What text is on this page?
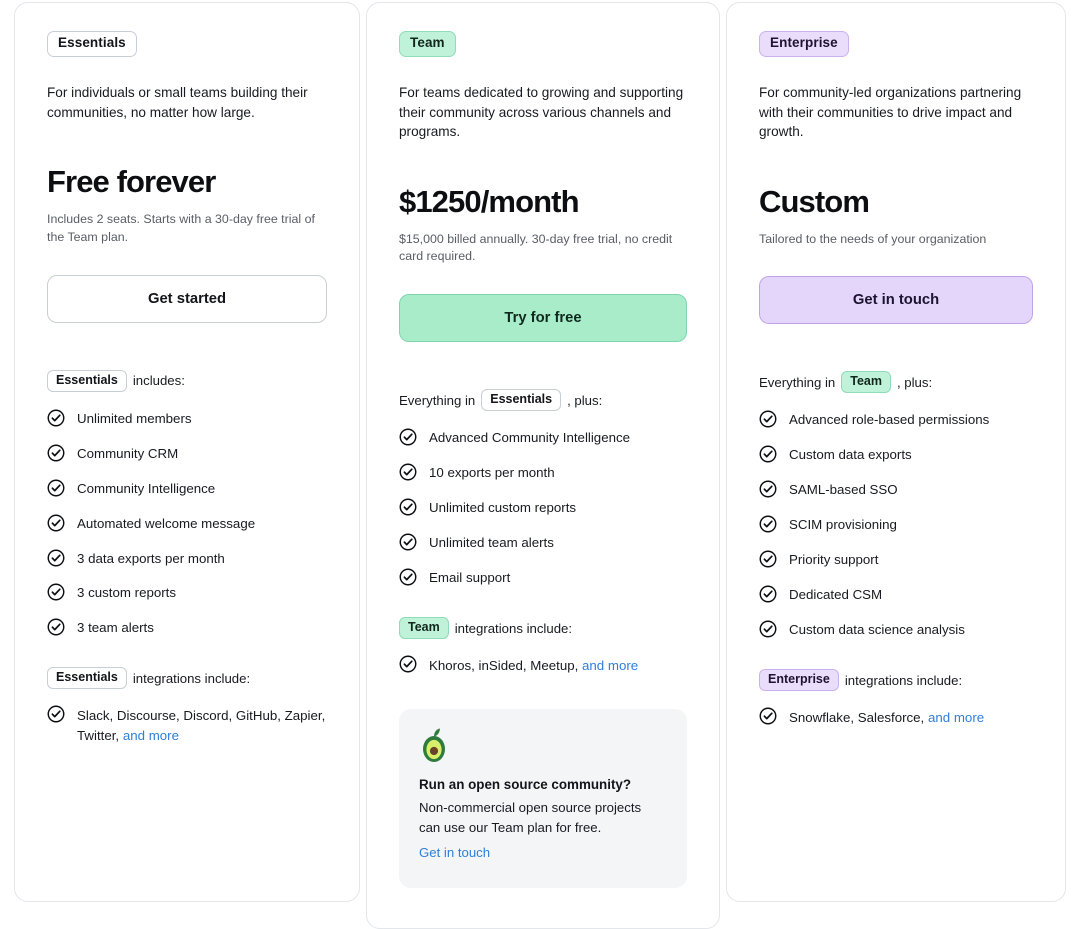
Essentials
For individuals or small teams building their communities, no matter how large.
Free forever
Includes 2 seats. Starts with a 30-day free trial of the Team plan.
Get started
Essentials	includes:
Unlimited members
Community CRM
Community Intelligence
Automated welcome message
3 data exports per month
3 custom reports
3 team alerts
Essentials	integrations include:
Slack, Discourse, Discord, GitHub, Zapier, Twitter, and more
Team
For teams dedicated to growing and supporting their community across various channels and programs.
$1250/month
$15,000 billed annually. 30-day free trial, no credit card required.
Try for free
Everything in	Essentials	, plus:
Advanced Community Intelligence
10 exports per month
Unlimited custom reports
Unlimited team alerts
Email support
Team	integrations include:
Khoros, inSided, Meetup, and more
Run an open source community?
Non-commercial open source projects can use our Team plan for free.
Get in touch
Enterprise
For community-led organizations partnering with their communities to drive impact and growth.
Custom
Tailored to the needs of your organization
Get in touch
Everything in	Team	, plus:
Advanced role-based permissions
Custom data exports
SAML-based SSO
SCIM provisioning
Priority support
Dedicated CSM
Custom data science analysis
Enterprise	integrations include:
Snowflake, Salesforce, and more
